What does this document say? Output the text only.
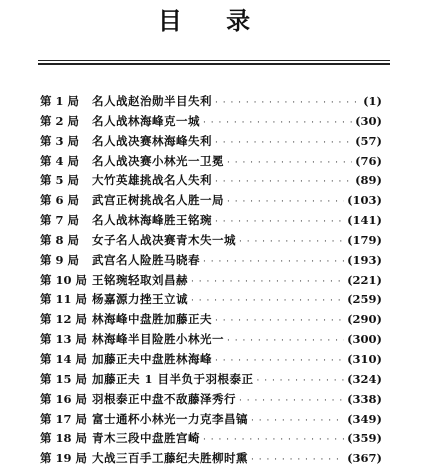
目 录
第 1 局	名人战赵治勋半目失利 · · ·	(1)
第 2 局	名人战林海峰克一城 · · ·	(30)
第 3 局	名人战决赛林海峰失利 · · ·	(57)
第 4 局	名人战决赛小林光一卫冕 · · ·	(76)
第 5 局	大竹英雄挑战名人失利 · · ·	(89)
第 6 局	武宫正树挑战名人胜一局 · · ·	(103)
第 7 局	名人战林海峰胜王铭琬 · · ·	(141)
第 8 局	女子名人战决赛青木失一城 · · ·	(179)
第 9 局	武宫名人险胜马晓春 · · ·	(193)
第 10 局 王铭琬轻取刘昌赫 · · ·	(221)
第 11 局 杨嘉源力挫王立诚 · · ·	(259)
第 12 局 林海峰中盘胜加藤正夫 · · ·	(290)
第 13 局 林海峰半目险胜小林光一 · · ·	(300)
第 14 局 加藤正夫中盘胜林海峰 · · ·	(310)
第 15 局 加藤正夫 1 目半负于羽根泰正 · · ·	(324)
第 16 局 羽根泰正中盘不敌藤泽秀行 · · ·	(338)
第 17 局 富士通杯小林光一力克李昌镐 · · ·	(349)
第 18 局 青木三段中盘胜宫崎 · · ·	(359)
第 19 局 大战三百手工藤纪夫胜柳时熏 · · ·	(367)
